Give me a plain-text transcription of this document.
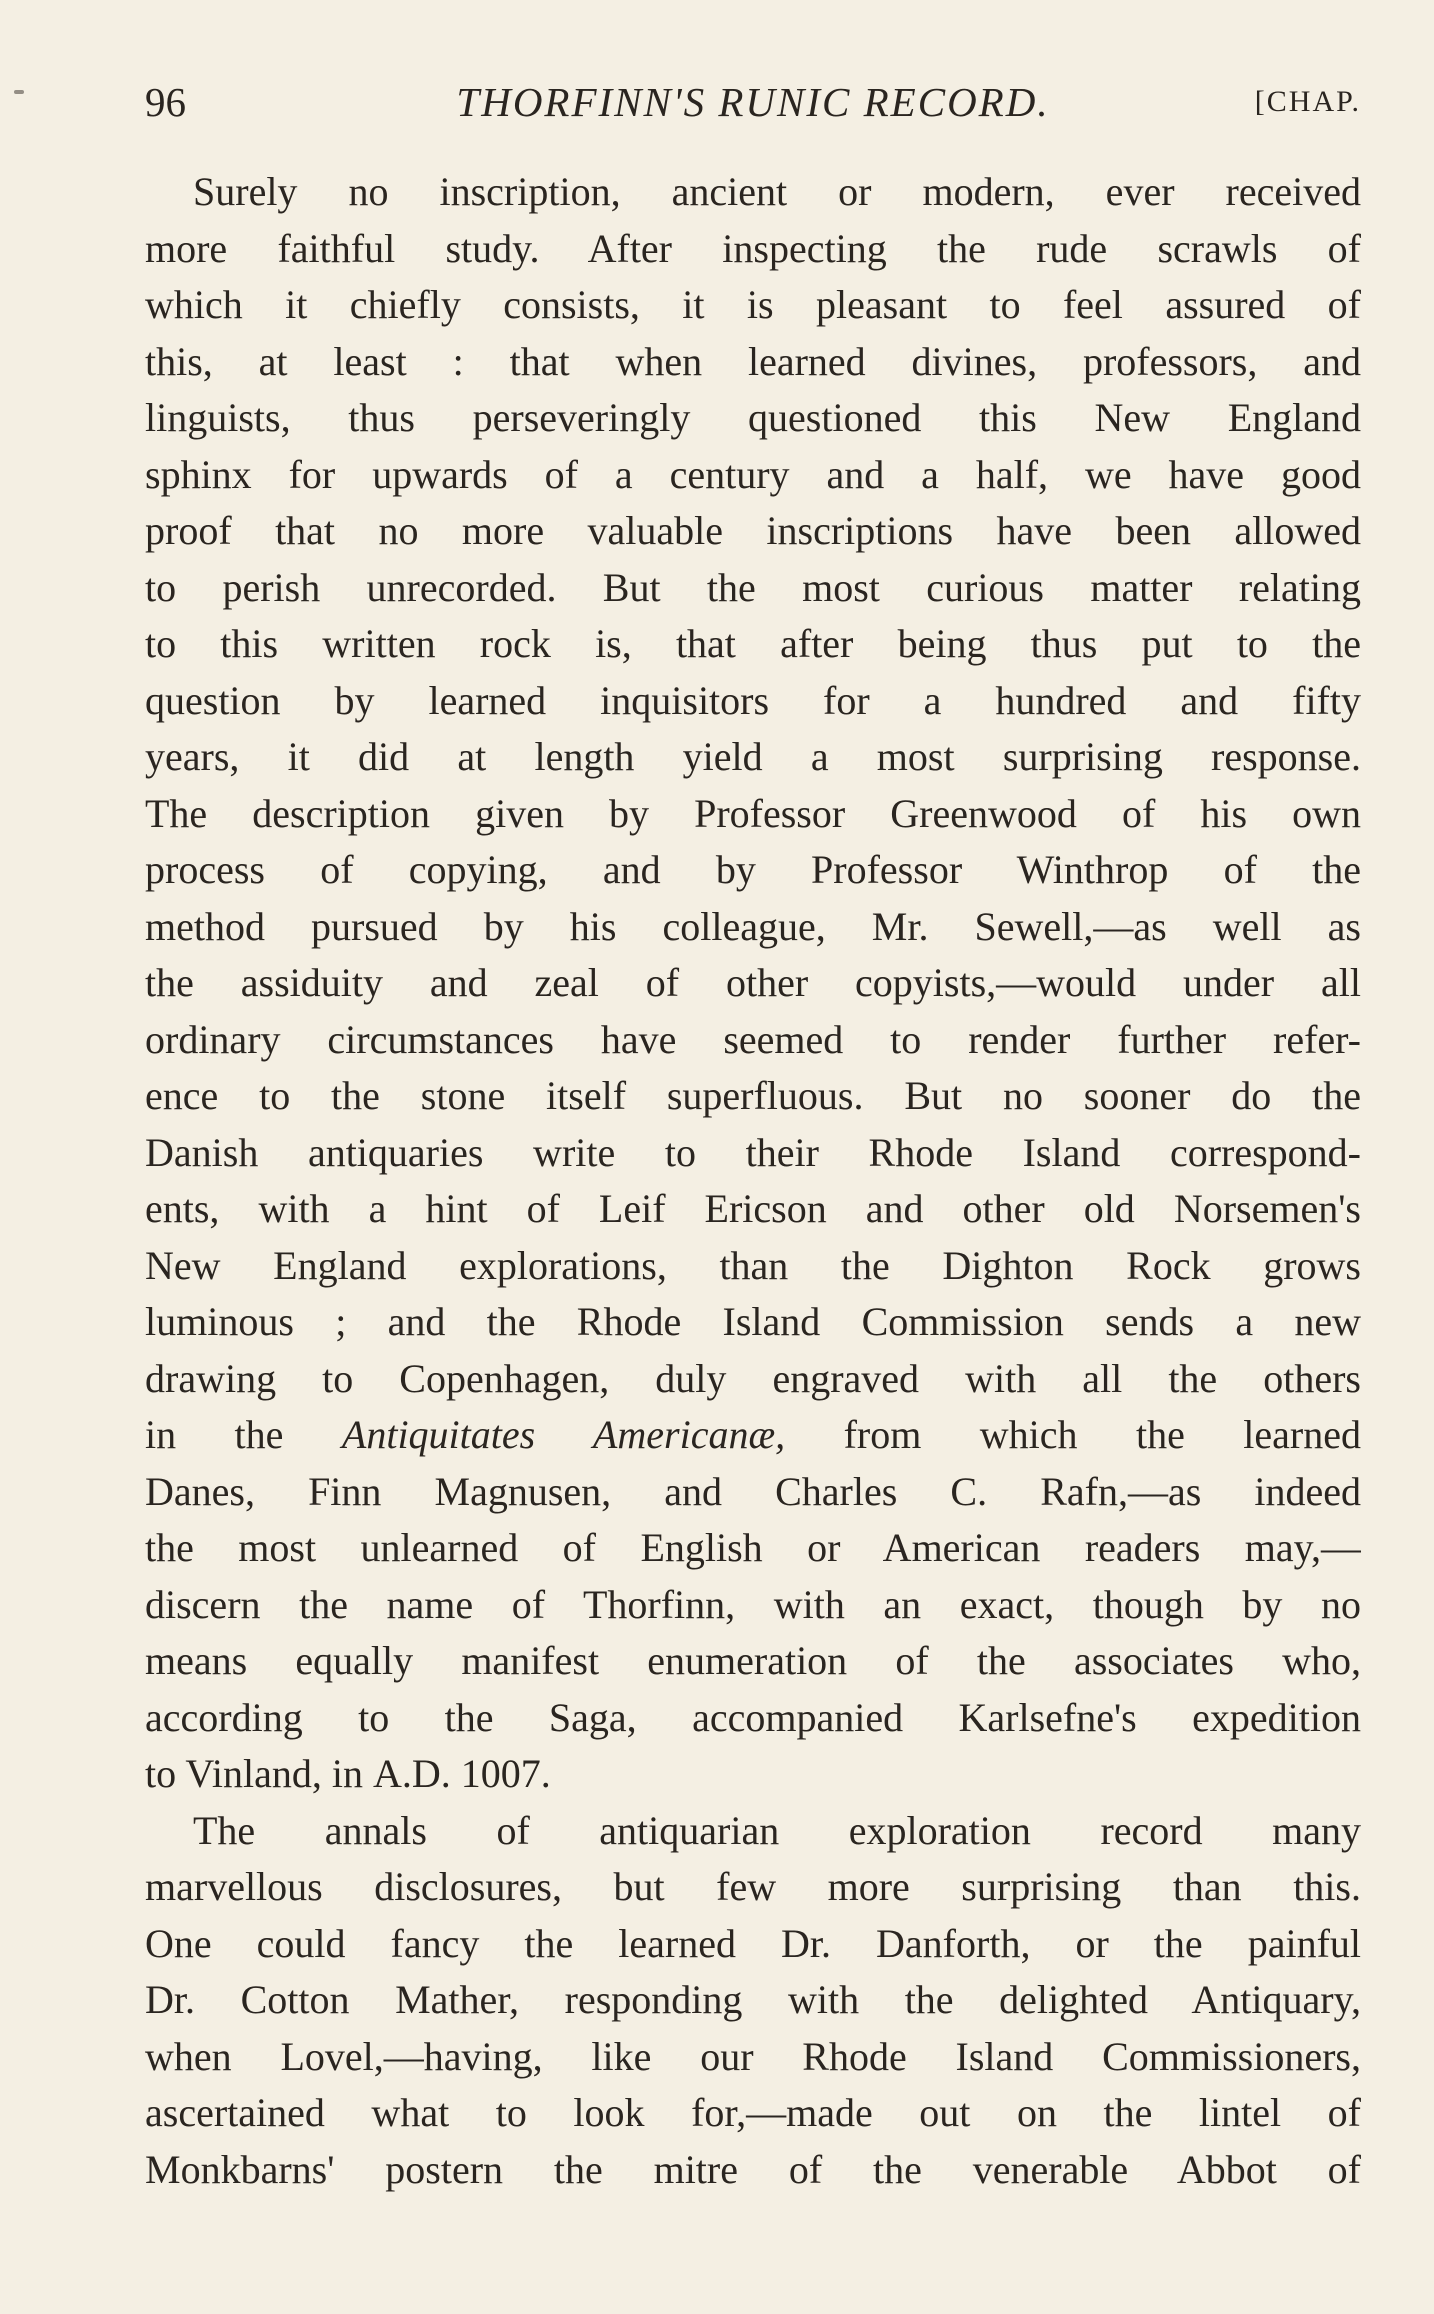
96	THORFINN'S RUNIC RECORD.	[CHAP.
Surely no inscription, ancient or modern, ever received
more faithful study. After inspecting the rude scrawls of
which it chiefly consists, it is pleasant to feel assured of
this, at least : that when learned divines, professors, and
linguists, thus perseveringly questioned this New England
sphinx for upwards of a century and a half, we have good
proof that no more valuable inscriptions have been allowed
to perish unrecorded. But the most curious matter relating
to this written rock is, that after being thus put to the
question by learned inquisitors for a hundred and fifty
years, it did at length yield a most surprising response.
The description given by Professor Greenwood of his own
process of copying, and by Professor Winthrop of the
method pursued by his colleague, Mr. Sewell,—as well as
the assiduity and zeal of other copyists,—would under all
ordinary circumstances have seemed to render further refer-
ence to the stone itself superfluous. But no sooner do the
Danish antiquaries write to their Rhode Island correspond-
ents, with a hint of Leif Ericson and other old Norsemen's
New England explorations, than the Dighton Rock grows
luminous ; and the Rhode Island Commission sends a new
drawing to Copenhagen, duly engraved with all the others
in the Antiquitates Americanæ, from which the learned
Danes, Finn Magnusen, and Charles C. Rafn,—as indeed
the most unlearned of English or American readers may,—
discern the name of Thorfinn, with an exact, though by no
means equally manifest enumeration of the associates who,
according to the Saga, accompanied Karlsefne's expedition
to Vinland, in A.D. 1007.
The annals of antiquarian exploration record many
marvellous disclosures, but few more surprising than this.
One could fancy the learned Dr. Danforth, or the painful
Dr. Cotton Mather, responding with the delighted Antiquary,
when Lovel,—having, like our Rhode Island Commissioners,
ascertained what to look for,—made out on the lintel of
Monkbarns' postern the mitre of the venerable Abbot of
